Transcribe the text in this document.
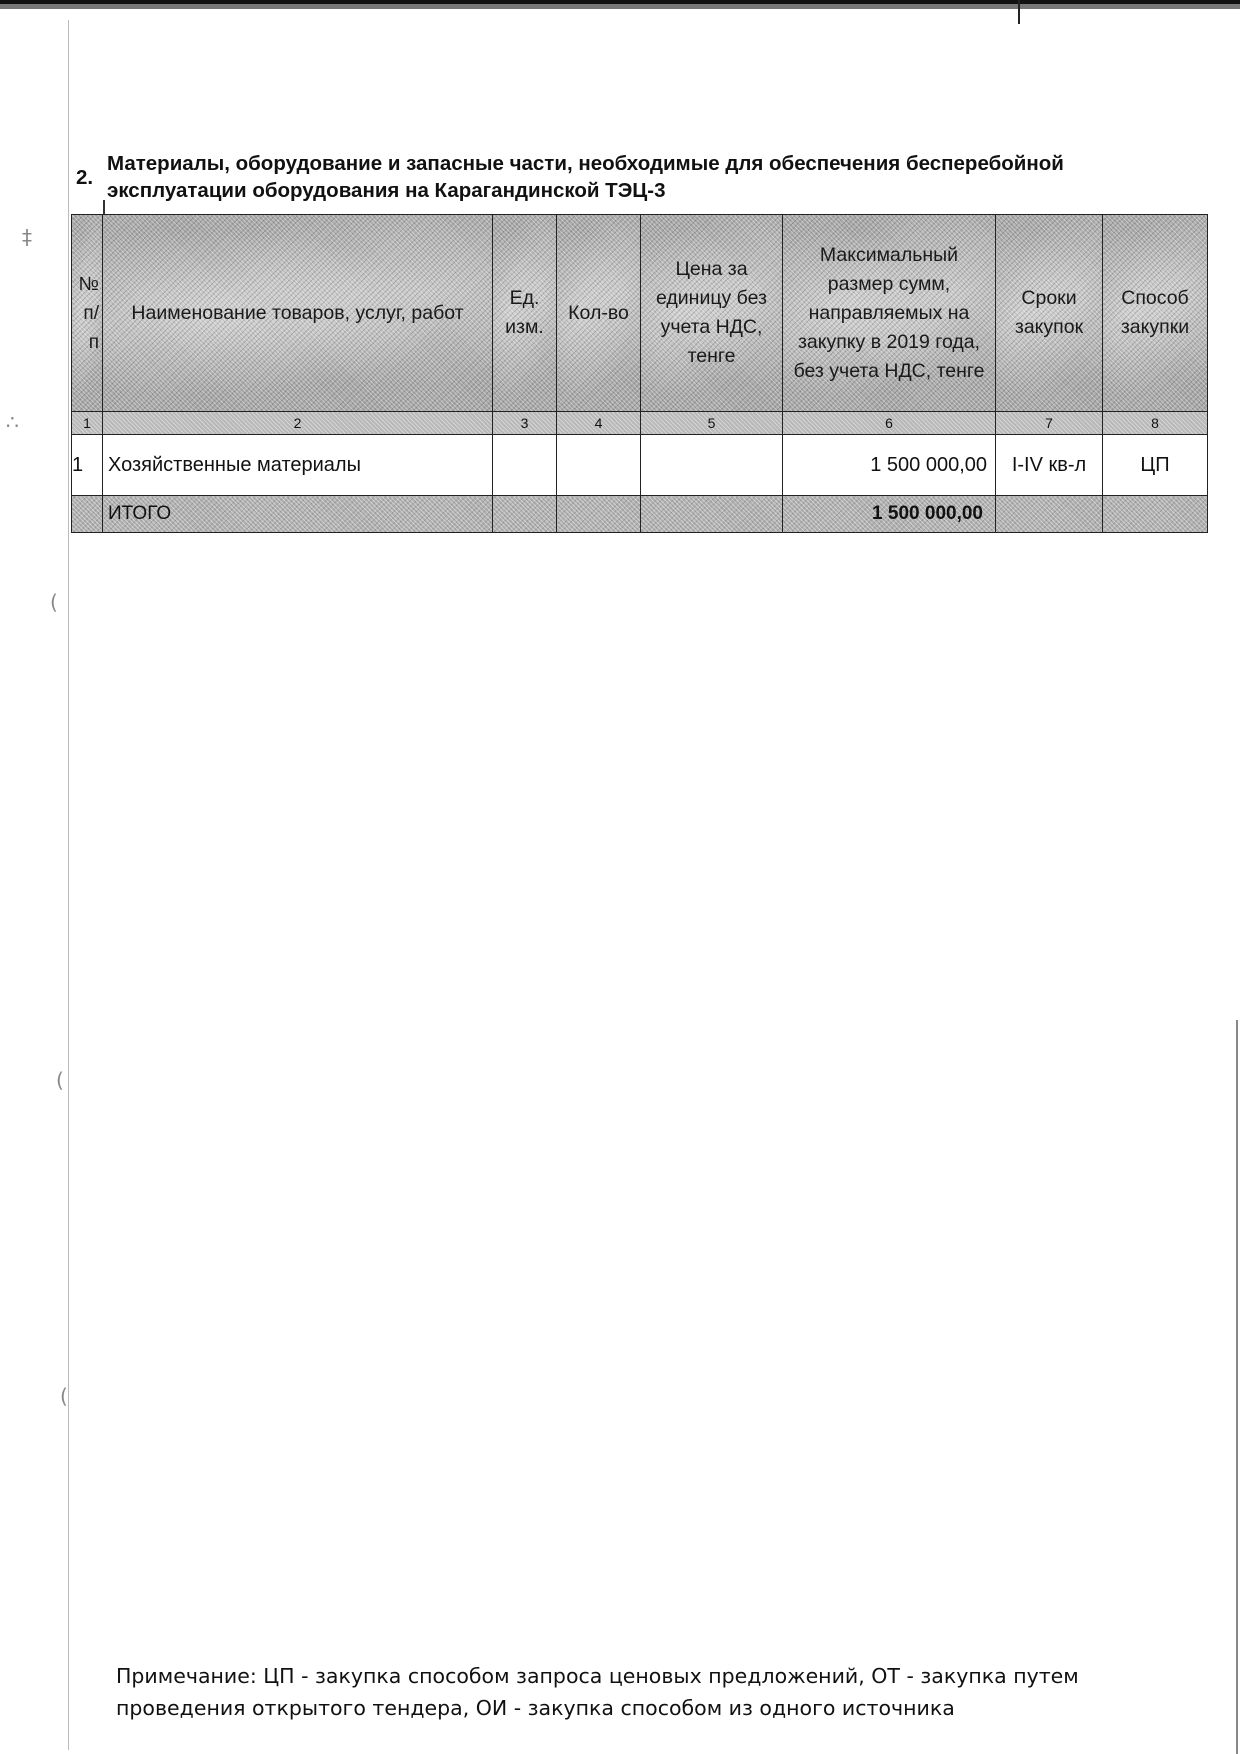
‡
∴
(
(
(
2.
Материалы, оборудование и запасные части, необходимые для обеспечения бесперебойной эксплуатации оборудования на Карагандинской ТЭЦ-3
№ п/п	Наименование товаров, услуг, работ	Ед. изм.	Кол-во	Цена за единицу без учета НДС, тенге	Максимальный размер сумм, направляемых на закупку в 2019 года, без учета НДС, тенге	Сроки закупок	Способ закупки
1	2	3	4	5	6	7	8
1	Хозяйственные материалы				1 500 000,00	I-IV кв-л	ЦП
	ИТОГО				1 500 000,00		
Примечание: ЦП - закупка способом запроса ценовых предложений, ОТ - закупка путем проведения открытого тендера, ОИ - закупка способом из одного источника
